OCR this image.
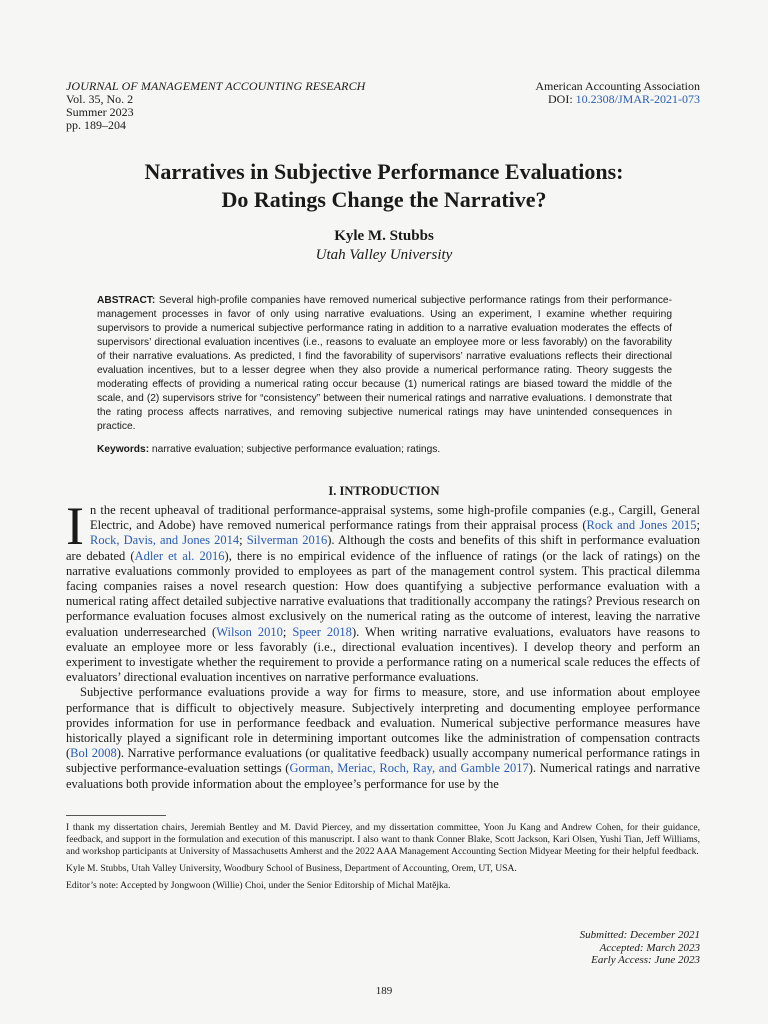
JOURNAL OF MANAGEMENT ACCOUNTING RESEARCH
Vol. 35, No. 2
Summer 2023
pp. 189–204
American Accounting Association
DOI: 10.2308/JMAR-2021-073
Narratives in Subjective Performance Evaluations:
Do Ratings Change the Narrative?
Kyle M. Stubbs
Utah Valley University
ABSTRACT: Several high-profile companies have removed numerical subjective performance ratings from their performance-management processes in favor of only using narrative evaluations. Using an experiment, I examine whether requiring supervisors to provide a numerical subjective performance rating in addition to a narrative evaluation moderates the effects of supervisors’ directional evaluation incentives (i.e., reasons to evaluate an employee more or less favorably) on the favorability of their narrative evaluations. As predicted, I find the favorability of supervisors’ narrative evaluations reflects their directional evaluation incentives, but to a lesser degree when they also provide a numerical performance rating. Theory suggests the moderating effects of providing a numerical rating occur because (1) numerical ratings are biased toward the middle of the scale, and (2) supervisors strive for “consistency” between their numerical ratings and narrative evaluations. I demonstrate that the rating process affects narratives, and removing subjective numerical ratings may have unintended consequences in practice.
Keywords: narrative evaluation; subjective performance evaluation; ratings.
I. INTRODUCTION

In the recent upheaval of traditional performance-appraisal systems, some high-profile companies (e.g., Cargill, General Electric, and Adobe) have removed numerical performance ratings from their appraisal process (Rock and Jones 2015; Rock, Davis, and Jones 2014; Silverman 2016). Although the costs and benefits of this shift in performance evaluation are debated (Adler et al. 2016), there is no empirical evidence of the influence of ratings (or the lack of ratings) on the narrative evaluations commonly provided to employees as part of the management control system. This practical dilemma facing companies raises a novel research question: How does quantifying a subjective performance evaluation with a numerical rating affect detailed subjective narrative evaluations that traditionally accompany the ratings? Previous research on performance evaluation focuses almost exclusively on the numerical rating as the outcome of interest, leaving the narrative evaluation underresearched (Wilson 2010; Speer 2018). When writing narrative evaluations, evaluators have reasons to evaluate an employee more or less favorably (i.e., directional evaluation incentives). I develop theory and perform an experiment to investigate whether the requirement to provide a performance rating on a numerical scale reduces the effects of evaluators’ directional evaluation incentives on narrative performance evaluations.

Subjective performance evaluations provide a way for firms to measure, store, and use information about employee performance that is difficult to objectively measure. Subjectively interpreting and documenting employee performance provides information for use in performance feedback and evaluation. Numerical subjective performance measures have historically played a significant role in determining important outcomes like the administration of compensation contracts (Bol 2008). Narrative performance evaluations (or qualitative feedback) usually accompany numerical performance ratings in subjective performance-evaluation settings (Gorman, Meriac, Roch, Ray, and Gamble 2017). Numerical ratings and narrative evaluations both provide information about the employee’s performance for use by the

I thank my dissertation chairs, Jeremiah Bentley and M. David Piercey, and my dissertation committee, Yoon Ju Kang and Andrew Cohen, for their guidance, feedback, and support in the formulation and execution of this manuscript. I also want to thank Conner Blake, Scott Jackson, Kari Olsen, Yushi Tian, Jeff Williams, and workshop participants at University of Massachusetts Amherst and the 2022 AAA Management Accounting Section Midyear Meeting for their helpful feedback.

Kyle M. Stubbs, Utah Valley University, Woodbury School of Business, Department of Accounting, Orem, UT, USA.

Editor’s note: Accepted by Jongwoon (Willie) Choi, under the Senior Editorship of Michal Matějka.

Submitted: December 2021
Accepted: March 2023
Early Access: June 2023
189
